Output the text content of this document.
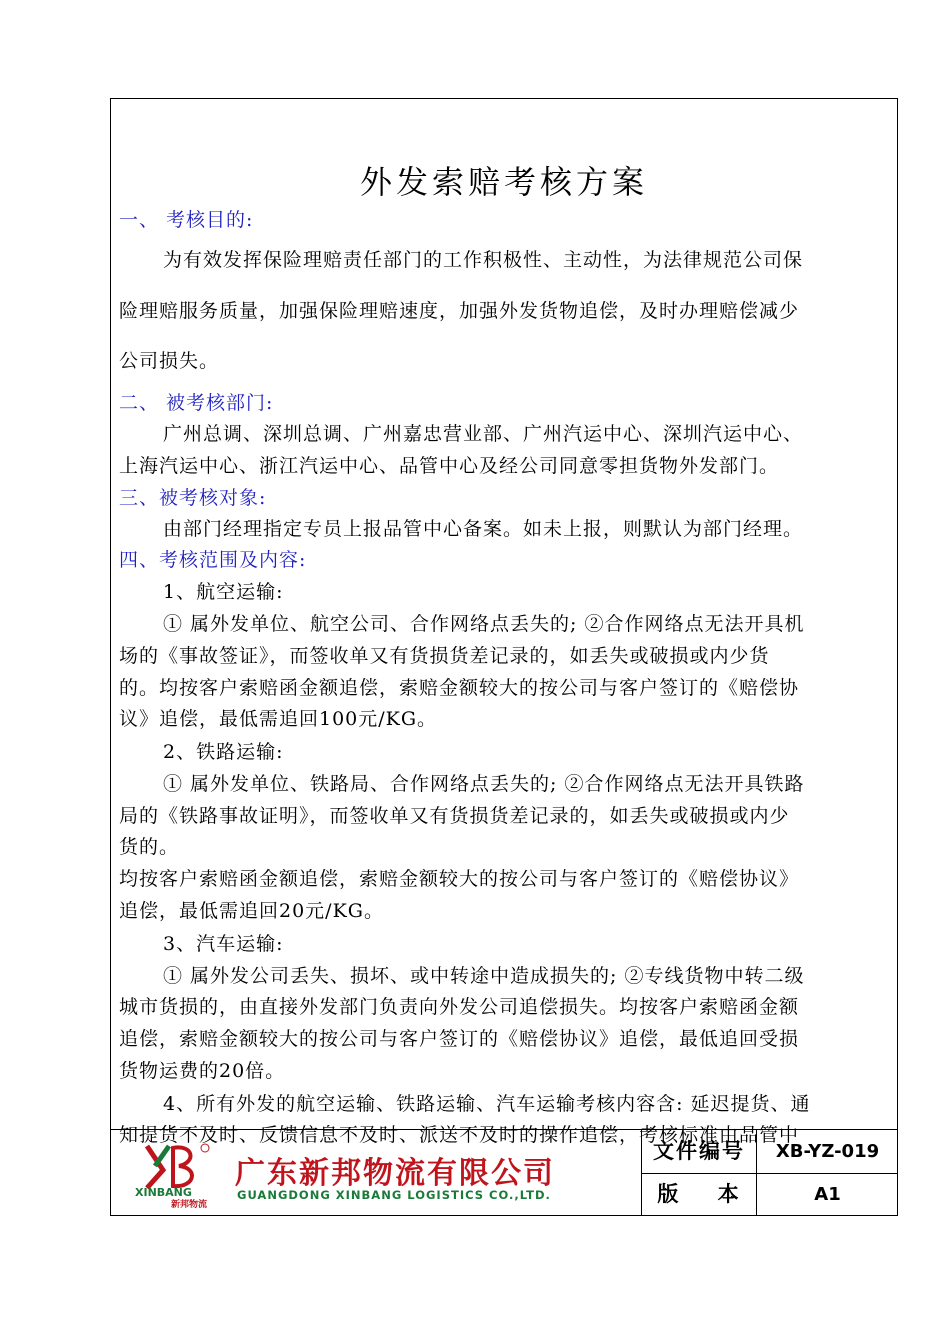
外发索赔考核方案
一、 考核目的:
为有效发挥保险理赔责任部门的工作积极性、主动性，为法律规范公司保
险理赔服务质量，加强保险理赔速度，加强外发货物追偿，及时办理赔偿减少
公司损失。
二、 被考核部门:
广州总调、深圳总调、广州嘉忠营业部、广州汽运中心、深圳汽运中心、
上海汽运中心、浙江汽运中心、品管中心及经公司同意零担货物外发部门。
三、被考核对象:
由部门经理指定专员上报品管中心备案。如未上报，则默认为部门经理。
四、考核范围及内容:
1、航空运输:
① 属外发单位、航空公司、合作网络点丢失的; ②合作网络点无法开具机
场的《事故签证》，而签收单又有货损货差记录的，如丢失或破损或内少货
的。均按客户索赔函金额追偿，索赔金额较大的按公司与客户签订的《赔偿协
议》追偿，最低需追回100元/KG。
2、铁路运输:
① 属外发单位、铁路局、合作网络点丢失的; ②合作网络点无法开具铁路
局的《铁路事故证明》，而签收单又有货损货差记录的，如丢失或破损或内少
货的。
均按客户索赔函金额追偿，索赔金额较大的按公司与客户签订的《赔偿协议》
追偿，最低需追回20元/KG。
3、汽车运输:
① 属外发公司丢失、损坏、或中转途中造成损失的; ②专线货物中转二级
城市货损的，由直接外发部门负责向外发公司追偿损失。均按客户索赔函金额
追偿，索赔金额较大的按公司与客户签订的《赔偿协议》追偿，最低追回受损
货物运费的20倍。
4、所有外发的航空运输、铁路运输、汽车运输考核内容含: 延迟提货、通
知提货不及时、反馈信息不及时、派送不及时的操作追偿，考核标准由品管中
XINBANG
新邦物流
广东新邦物流有限公司
GUANGDONG XINBANG LOGISTICS CO.,LTD.
文件编号	XB-YZ-019
版    本	A1
